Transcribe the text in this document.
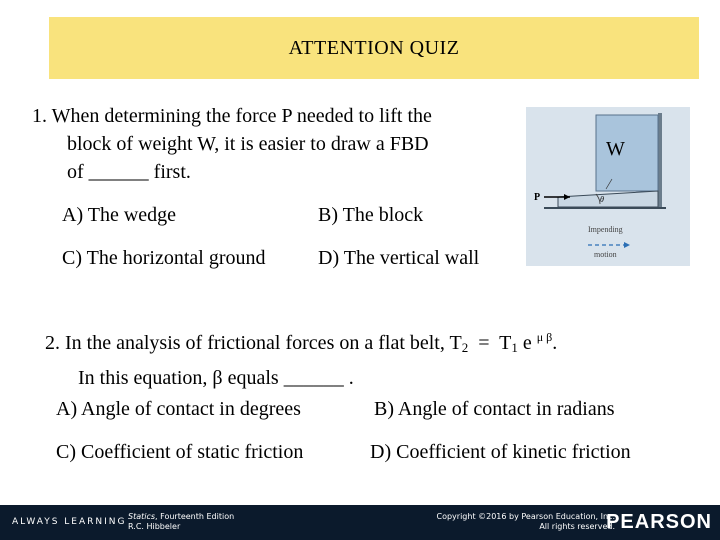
ATTENTION QUIZ
1. When determining the force P needed to lift the
block of weight W, it is easier to draw a FBD
of ______ first.
A) The wedge	B) The block
C) The horizontal ground	D) The vertical wall
P	θ
Impending
motion
W
2. In the analysis of frictional forces on a flat belt, $T_2 = T_1$ e $^{\mu \beta}$.
In this equation, β equals ______ .
A) Angle of contact in degrees	B) Angle of contact in radians
C) Coefficient of static friction	D) Coefficient of kinetic friction
ALWAYS LEARNING
Statics, Fourteenth Edition
R.C. Hibbeler
Copyright ©2016 by Pearson Education, Inc.
All rights reserved.
PEARSON
